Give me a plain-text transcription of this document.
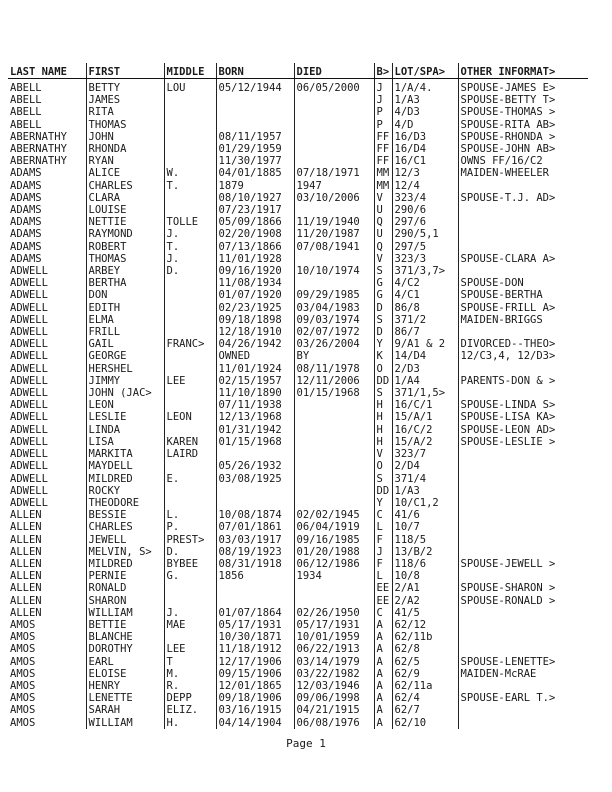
LAST NAME	FIRST	MIDDLE	BORN	DIED	B>	LOT/SPA>	OTHER INFORMAT>
ABELL	BETTY	LOU	05/12/1944	06/05/2000	J	1/A/4.	SPOUSE-JAMES E>
ABELL	JAMES				J	1/A3	SPOUSE-BETTY T>
ABELL	RITA				P	4/D3	SPOUSE-THOMAS >
ABELL	THOMAS				P	4/D	SPOUSE-RITA AB>
ABERNATHY	JOHN		08/11/1957		FF	16/D3	SPOUSE-RHONDA >
ABERNATHY	RHONDA		01/29/1959		FF	16/D4	SPOUSE-JOHN AB>
ABERNATHY	RYAN		11/30/1977		FF	16/C1	OWNS FF/16/C2
ADAMS	ALICE	W.	04/01/1885	07/18/1971	MM	12/3	MAIDEN-WHEELER
ADAMS	CHARLES	T.	1879	1947	MM	12/4	
ADAMS	CLARA		08/10/1927	03/10/2006	V	323/4	SPOUSE-T.J. AD>
ADAMS	LOUISE		07/23/1917		U	290/6	
ADAMS	NETTIE	TOLLE	05/09/1866	11/19/1940	Q	297/6	
ADAMS	RAYMOND	J.	02/20/1908	11/20/1987	U	290/5,1	
ADAMS	ROBERT	T.	07/13/1866	07/08/1941	Q	297/5	
ADAMS	THOMAS	J.	11/01/1928		V	323/3	SPOUSE-CLARA A>
ADWELL	ARBEY	D.	09/16/1920	10/10/1974	S	371/3,7>	
ADWELL	BERTHA		11/08/1934		G	4/C2	SPOUSE-DON
ADWELL	DON		01/07/1920	09/29/1985	G	4/C1	SPOUSE-BERTHA
ADWELL	EDITH		02/23/1925	03/04/1983	D	86/8	SPOUSE-FRILL A>
ADWELL	ELMA		09/18/1898	09/03/1974	S	371/2	MAIDEN-BRIGGS
ADWELL	FRILL		12/18/1910	02/07/1972	D	86/7	
ADWELL	GAIL	FRANC>	04/26/1942	03/26/2004	Y	9/A1 & 2	DIVORCED--THEO>
ADWELL	GEORGE		OWNED	BY	K	14/D4	12/C3,4, 12/D3>
ADWELL	HERSHEL		11/01/1924	08/11/1978	O	2/D3	
ADWELL	JIMMY	LEE	02/15/1957	12/11/2006	DD	1/A4	PARENTS-DON & >
ADWELL	JOHN (JAC>		11/10/1890	01/15/1968	S	371/1,5>	
ADWELL	LEON		07/11/1938		H	16/C/1	SPOUSE-LINDA S>
ADWELL	LESLIE	LEON	12/13/1968		H	15/A/1	SPOUSE-LISA KA>
ADWELL	LINDA		01/31/1942		H	16/C/2	SPOUSE-LEON AD>
ADWELL	LISA	KAREN	01/15/1968		H	15/A/2	SPOUSE-LESLIE >
ADWELL	MARKITA	LAIRD			V	323/7	
ADWELL	MAYDELL		05/26/1932		O	2/D4	
ADWELL	MILDRED	E.	03/08/1925		S	371/4	
ADWELL	ROCKY				DD	1/A3	
ADWELL	THEODORE				Y	10/C1,2	
ALLEN	BESSIE	L.	10/08/1874	02/02/1945	C	41/6	
ALLEN	CHARLES	P.	07/01/1861	06/04/1919	L	10/7	
ALLEN	JEWELL	PREST>	03/03/1917	09/16/1985	F	118/5	
ALLEN	MELVIN, S>	D.	08/19/1923	01/20/1988	J	13/B/2	
ALLEN	MILDRED	BYBEE	08/31/1918	06/12/1986	F	118/6	SPOUSE-JEWELL >
ALLEN	PERNIE	G.	1856	1934	L	10/8	
ALLEN	RONALD				EE	2/A1	SPOUSE-SHARON >
ALLEN	SHARON				EE	2/A2	SPOUSE-RONALD >
ALLEN	WILLIAM	J.	01/07/1864	02/26/1950	C	41/5	
AMOS	BETTIE	MAE	05/17/1931	05/17/1931	A	62/12	
AMOS	BLANCHE		10/30/1871	10/01/1959	A	62/11b	
AMOS	DOROTHY	LEE	11/18/1912	06/22/1913	A	62/8	
AMOS	EARL	T	12/17/1906	03/14/1979	A	62/5	SPOUSE-LENETTE>
AMOS	ELOISE	M.	09/15/1906	03/22/1982	A	62/9	MAIDEN-McRAE
AMOS	HENRY	R.	12/01/1865	12/03/1946	A	62/11a	
AMOS	LENETTE	DEPP	09/18/1906	09/06/1998	A	62/4	SPOUSE-EARL T.>
AMOS	SARAH	ELIZ.	03/16/1915	04/21/1915	A	62/7	
AMOS	WILLIAM	H.	04/14/1904	06/08/1976	A	62/10	
Page 1
